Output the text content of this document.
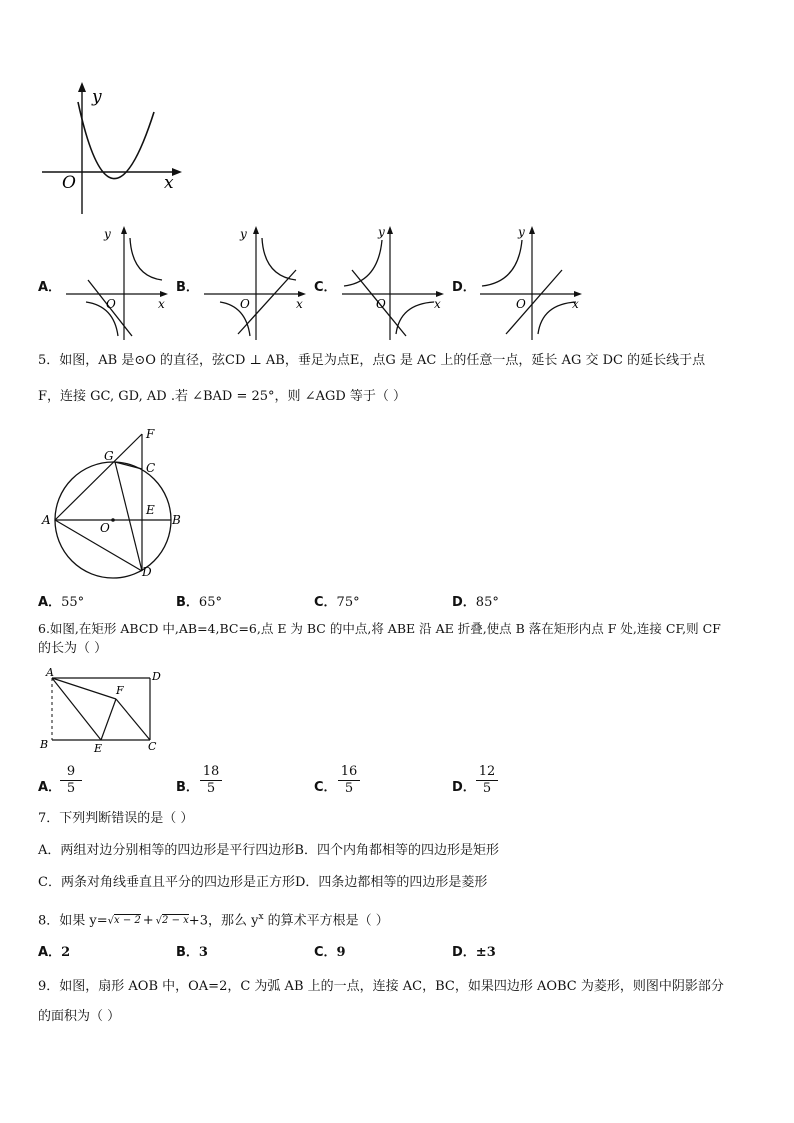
y
x
O
A．
y
x
O
B．
y
x
O
C．
y
x
O
D．
y
x
O
5．如图，AB 是⊙O 的直径，弦CD ⊥ AB，垂足为点E，点G 是 AC 上的任意一点，延长 AG 交 DC 的延长线于点
F，连接 GC, GD, AD .若 ∠BAD = 25°，则 ∠AGD 等于（ ）
A	B
C
D
E
F
G
O
A．55°	B．65°	C．75°	D．85°
6.如图,在矩形 ABCD 中,AB=4,BC=6,点 E 为 BC 的中点,将 ABE 沿 AE 折叠,使点 B 落在矩形内点 F 处,连接 CF,则 CF
的长为（ ）
A	D
B	E	C
F
A．
$\frac{9}{5}$	B． $\frac{18}{5}$	C． $\frac{16}{5}$	D． $\frac{12}{5}$
7．下列判断错误的是（ ）
A．两组对边分别相等的四边形是平行四边形B．四个内角都相等的四边形是矩形
C．两条对角线垂直且平分的四边形是正方形D．四条边都相等的四边形是菱形
8．如果 y=√x − 2 + √2 − x+3，那么 $y^x$ 的算术平方根是（ ）
A．2	B．3	C．9	D．±3
9．如图，扇形 AOB 中，OA=2，C 为弧 AB 上的一点，连接 AC，BC，如果四边形 AOBC 为菱形，则图中阴影部分
的面积为（ ）
